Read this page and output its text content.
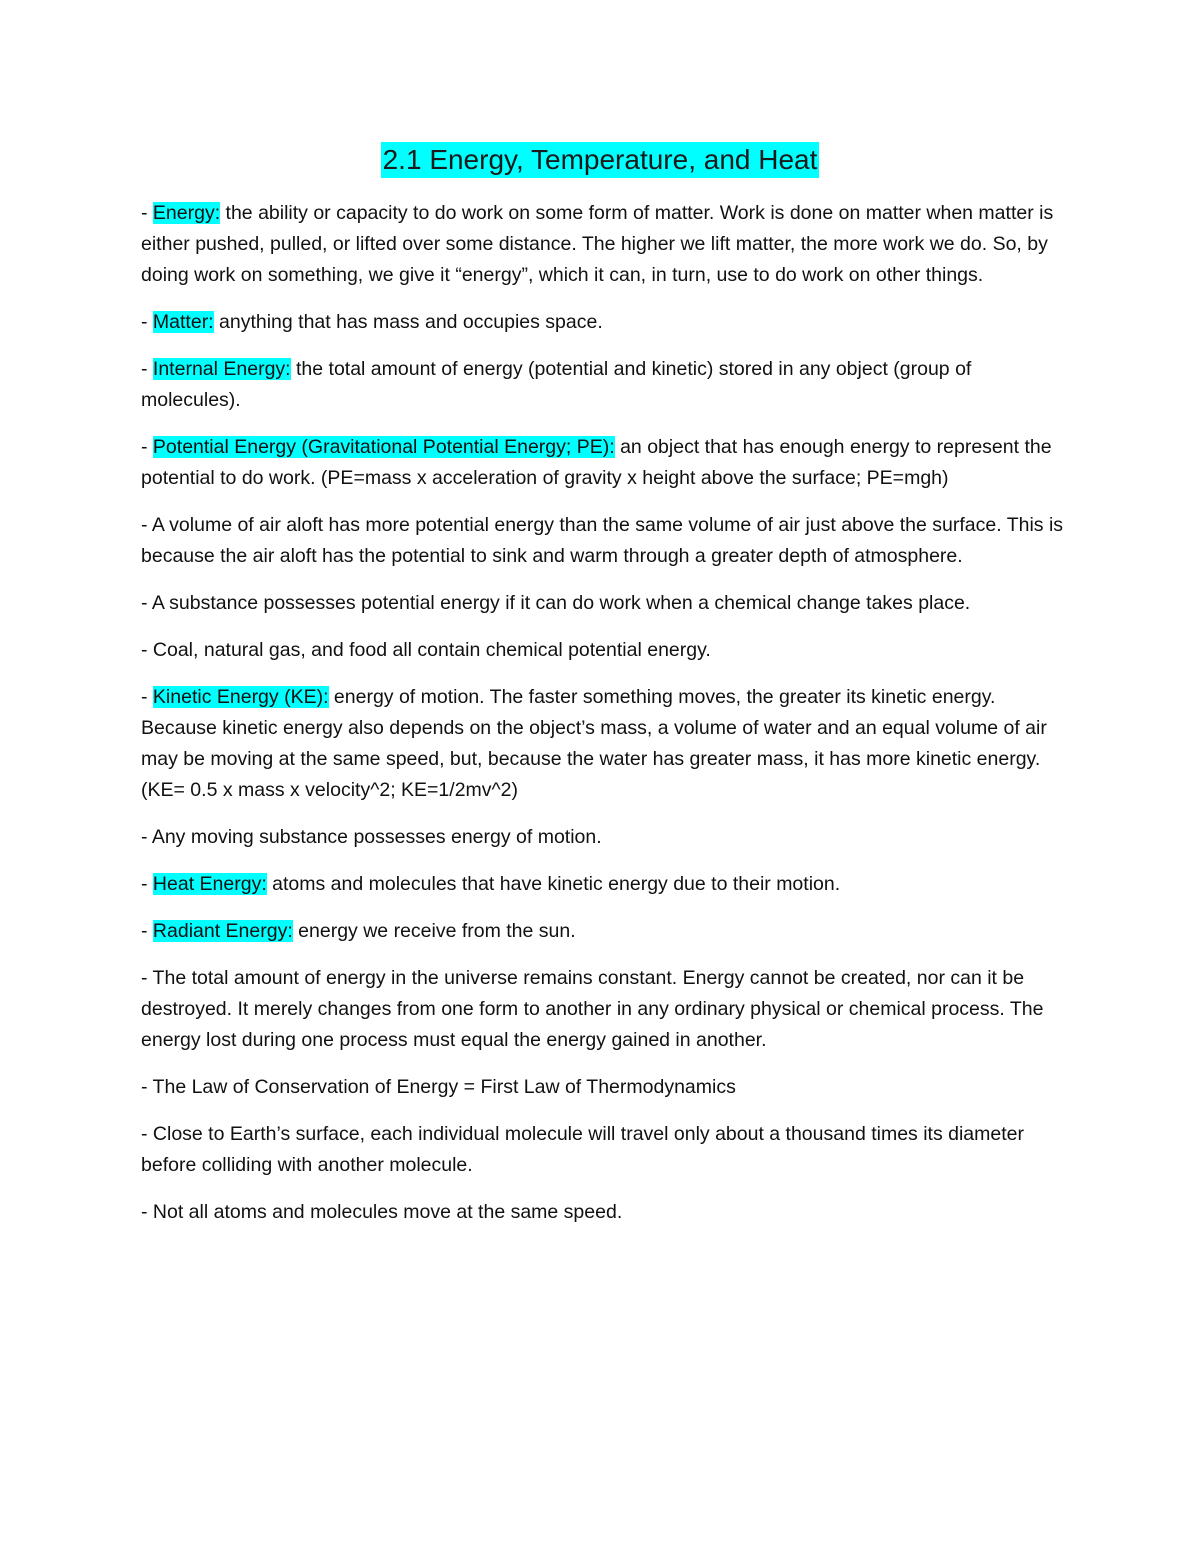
2.1 Energy, Temperature, and Heat

- Energy: the ability or capacity to do work on some form of matter. Work is done on matter when matter is either pushed, pulled, or lifted over some distance. The higher we lift matter, the more work we do. So, by doing work on something, we give it “energy”, which it can, in turn, use to do work on other things.

- Matter: anything that has mass and occupies space.

- Internal Energy: the total amount of energy (potential and kinetic) stored in any object (group of molecules).

- Potential Energy (Gravitational Potential Energy; PE): an object that has enough energy to represent the potential to do work. (PE=mass x acceleration of gravity x height above the surface; PE=mgh)

- A volume of air aloft has more potential energy than the same volume of air just above the surface. This is because the air aloft has the potential to sink and warm through a greater depth of atmosphere.

- A substance possesses potential energy if it can do work when a chemical change takes place.

- Coal, natural gas, and food all contain chemical potential energy.

- Kinetic Energy (KE): energy of motion. The faster something moves, the greater its kinetic energy. Because kinetic energy also depends on the object’s mass, a volume of water and an equal volume of air may be moving at the same speed, but, because the water has greater mass, it has more kinetic energy. (KE= 0.5 x mass x velocity^2; KE=1/2mv^2)

- Any moving substance possesses energy of motion.

- Heat Energy: atoms and molecules that have kinetic energy due to their motion.

- Radiant Energy: energy we receive from the sun.

- The total amount of energy in the universe remains constant. Energy cannot be created, nor can it be destroyed. It merely changes from one form to another in any ordinary physical or chemical process. The energy lost during one process must equal the energy gained in another.

- The Law of Conservation of Energy = First Law of Thermodynamics

- Close to Earth’s surface, each individual molecule will travel only about a thousand times its diameter before colliding with another molecule.

- Not all atoms and molecules move at the same speed.
